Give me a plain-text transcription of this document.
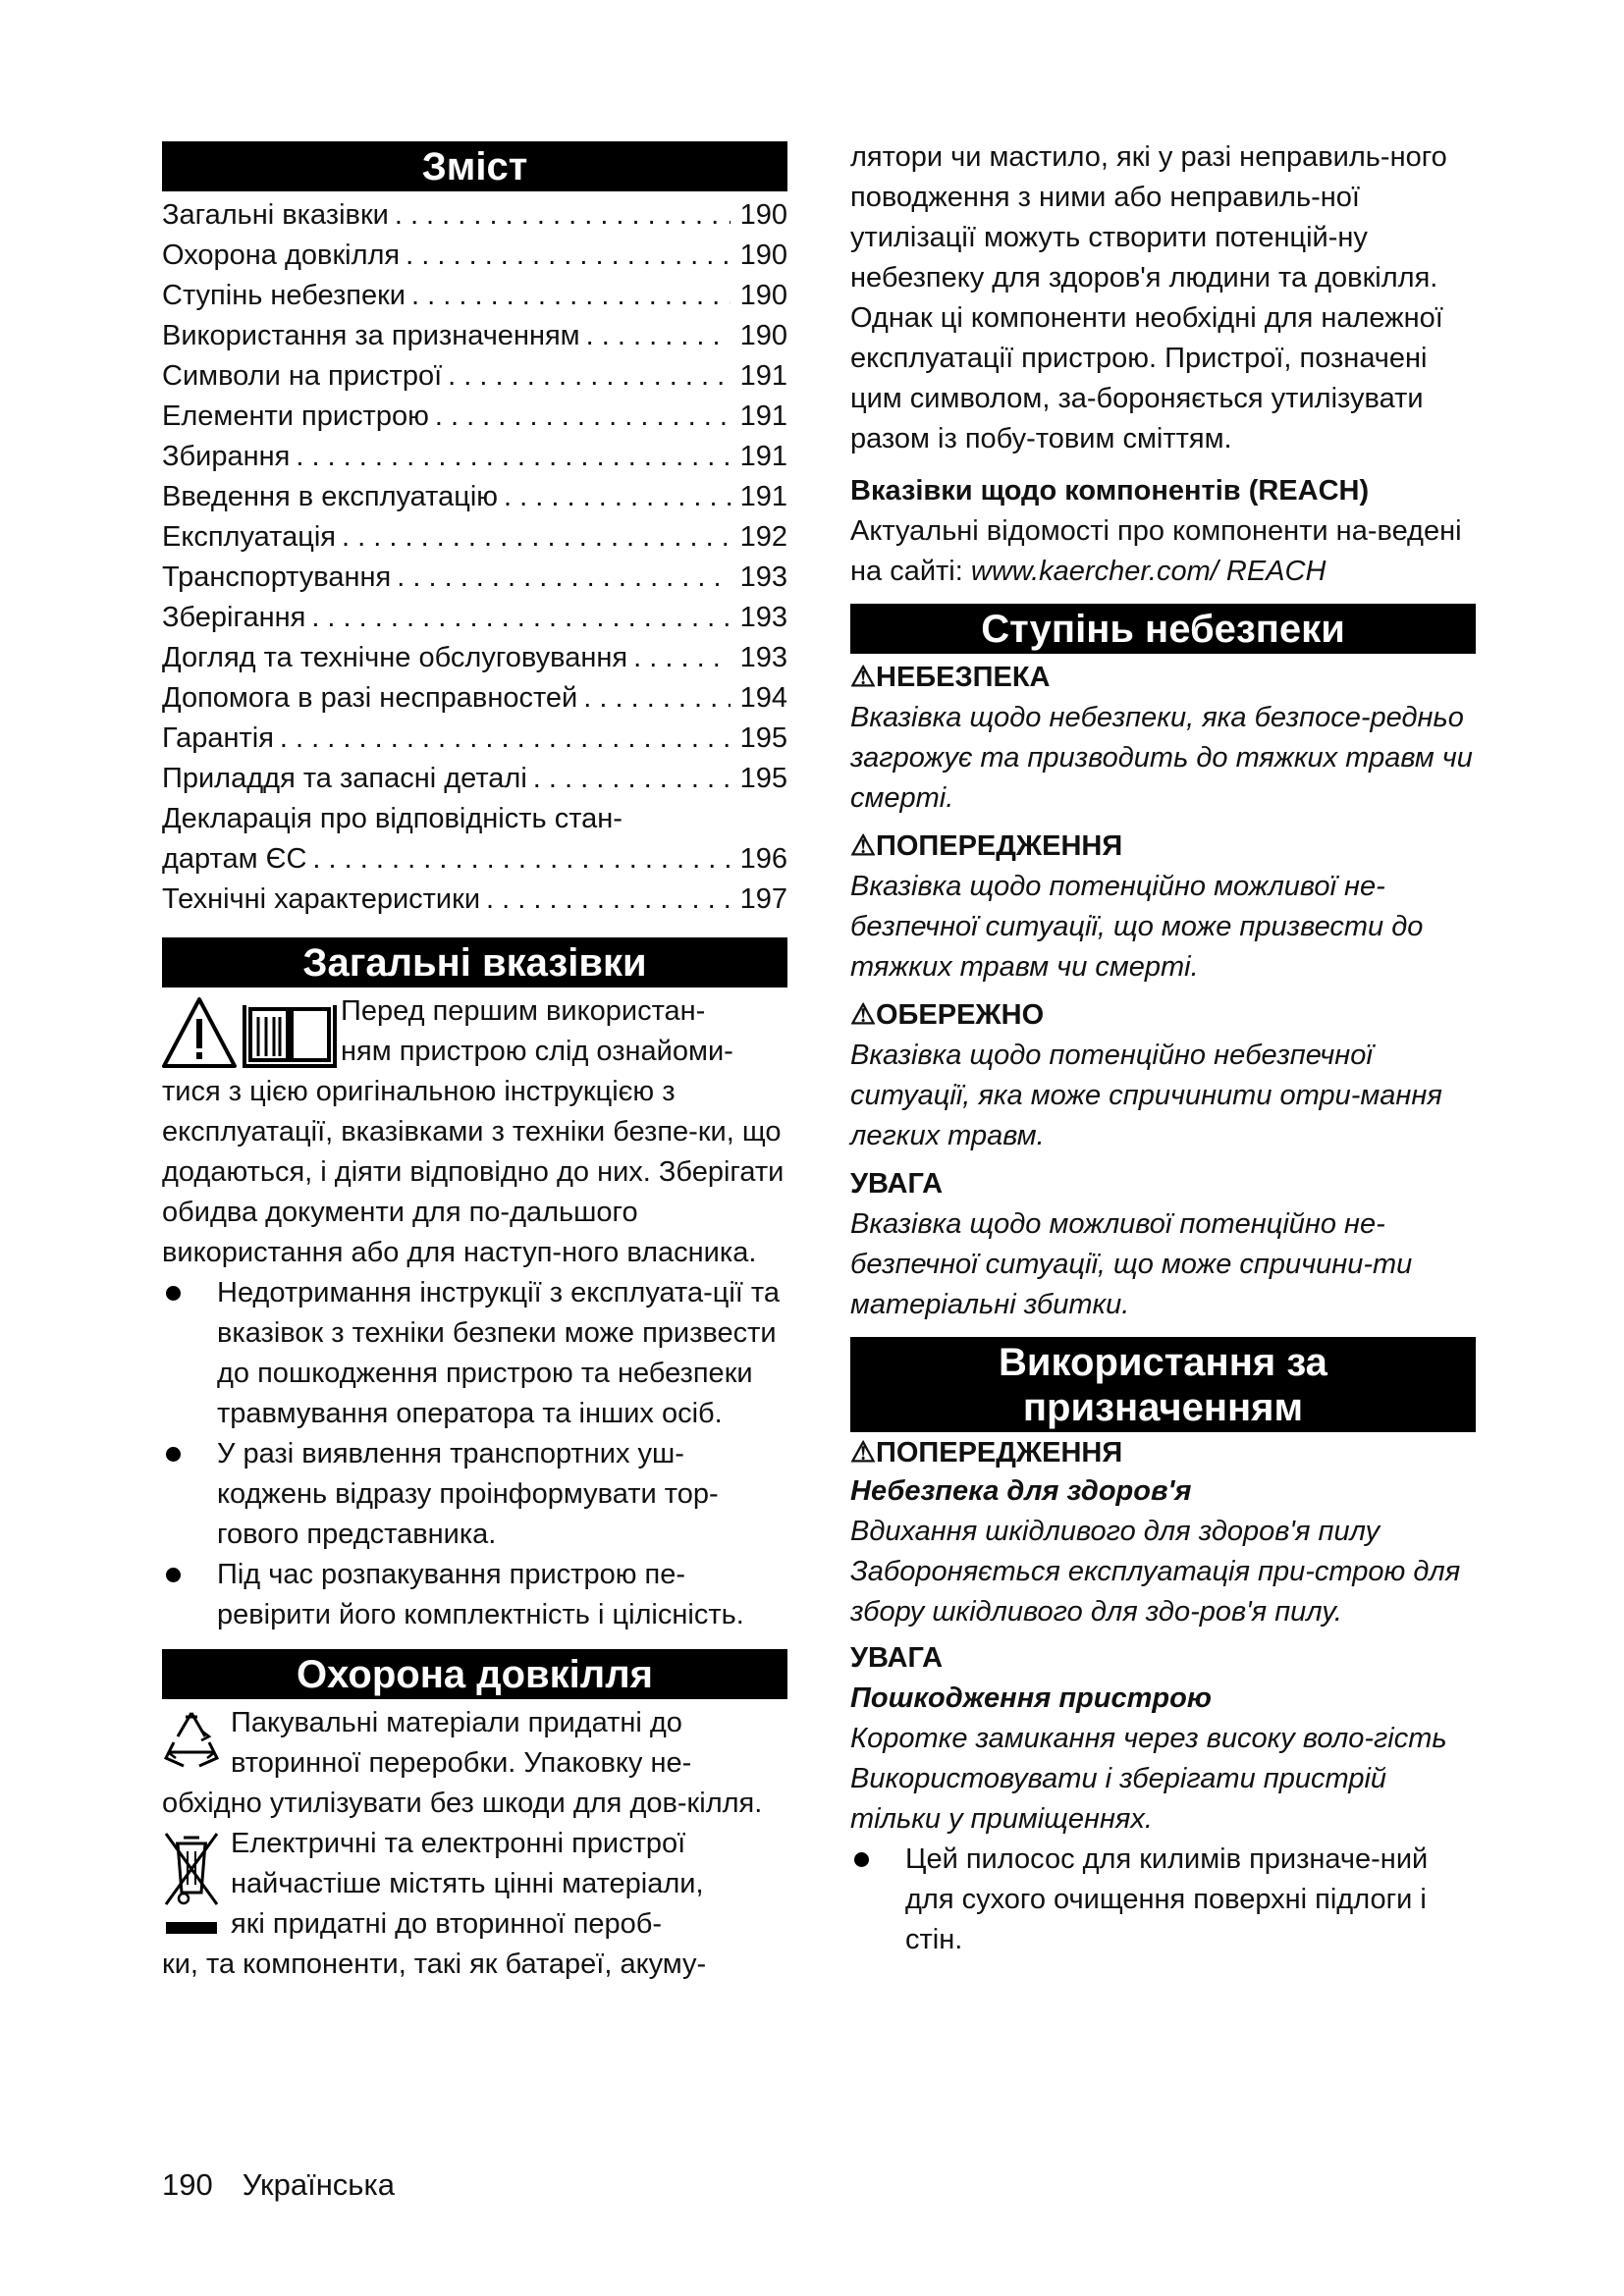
Зміст
Загальні вказівки . . .	190
Охорона довкілля . . .	190
Ступінь небезпеки . . .	190
Використання за призначенням . . .	190
Символи на пристрої . . .	191
Елементи пристрою . . .	191
Збирання . . .	191
Введення в експлуатацію . . .	191
Експлуатація . . .	192
Транспортування . . .	193
Зберігання . . .	193
Догляд та технічне обслуговування . . .	193
Допомога в разі несправностей . . .	194
Гарантія . . .	195
Приладдя та запасні деталі . . .	195
Декларація про відповідність стан-
дартам ЄС . . .	196
Технічні характеристики . . .	197
Загальні вказівки
Перед першим використан-
ням пристрою слід ознайоми-
тися з цією оригінальною інструкцією з експлуатації, вказівками з техніки безпе-ки, що додаються, і діяти відповідно до них. Зберігати обидва документи для по-дальшого використання або для наступ-ного власника.
Недотримання інструкції з експлуата-ції та вказівок з техніки безпеки може призвести до пошкодження пристрою та небезпеки травмування оператора та інших осіб.
У разі виявлення транспортних уш-коджень відразу проінформувати тор-гового представника.
Під час розпакування пристрою пе-ревірити його комплектність і цілісність.
Охорона довкілля
Пакувальні матеріали придатні до
вторинної переробки. Упаковку не-
обхідно утилізувати без шкоди для дов-кілля.
Електричні та електронні пристрої
найчастіше містять цінні матеріали,
які придатні до вторинної пероб-
ки, та компоненти, такі як батареї, акуму-
лятори чи мастило, які у разі неправиль-ного поводження з ними або неправиль-ної утилізації можуть створити потенцій-ну небезпеку для здоров'я людини та довкілля. Однак ці компоненти необхідні для належної експлуатації пристрою. Пристрої, позначені цим символом, за-бороняється утилізувати разом із побу-товим сміттям.
Вказівки щодо компонентів (REACH)
Актуальні відомості про компоненти на-ведені на сайті: www.kaercher.com/ REACH
Ступінь небезпеки
⚠НЕБЕЗПЕКА
Вказівка щодо небезпеки, яка безпосе-редньо загрожує та призводить до тяжких травм чи смерті.
⚠ПОПЕРЕДЖЕННЯ
Вказівка щодо потенційно можливої не-безпечної ситуації, що може призвести до тяжких травм чи смерті.
⚠ОБЕРЕЖНО
Вказівка щодо потенційно небезпечної ситуації, яка може спричинити отри-мання легких травм.
УВАГА
Вказівка щодо можливої потенційно не-безпечної ситуації, що може спричини-ти матеріальні збитки.
Використання за
призначенням
⚠ПОПЕРЕДЖЕННЯ
Небезпека для здоров'я
Вдихання шкідливого для здоров'я пилу
Забороняється експлуатація при-строю для збору шкідливого для здо-ров'я пилу.
УВАГА
Пошкодження пристрою
Коротке замикання через високу воло-гість
Використовувати і зберігати пристрій тільки у приміщеннях.
Цей пилосос для килимів призначе-ний для сухого очищення поверхні підлоги і стін.
190 Українська
